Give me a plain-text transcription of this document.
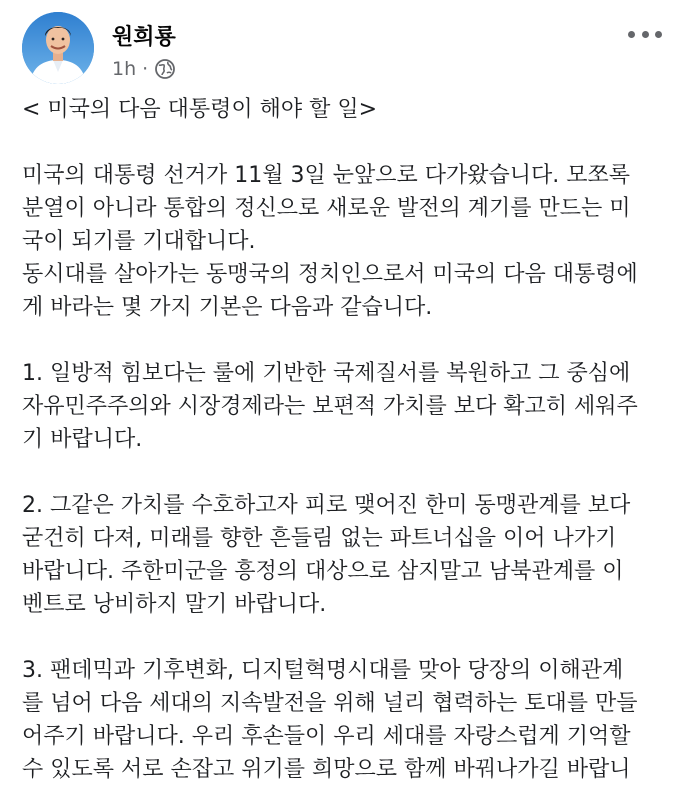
원희룡
1h ·
< 미국의 다음 대통령이 해야 할 일>
미국의 대통령 선거가 11월 3일 눈앞으로 다가왔습니다. 모쪼록
분열이 아니라 통합의 정신으로 새로운 발전의 계기를 만드는 미
국이 되기를 기대합니다.
동시대를 살아가는 동맹국의 정치인으로서 미국의 다음 대통령에
게 바라는 몇 가지 기본은 다음과 같습니다.
1. 일방적 힘보다는 룰에 기반한 국제질서를 복원하고 그 중심에
자유민주주의와 시장경제라는 보편적 가치를 보다 확고히 세워주
기 바랍니다.
2. 그같은 가치를 수호하고자 피로 맺어진 한미 동맹관계를 보다
굳건히 다져, 미래를 향한 흔들림 없는 파트너십을 이어 나가기
바랍니다. 주한미군을 흥정의 대상으로 삼지말고 남북관계를 이
벤트로 낭비하지 말기 바랍니다.
3. 팬데믹과 기후변화, 디지털혁명시대를 맞아 당장의 이해관계
를 넘어 다음 세대의 지속발전을 위해 널리 협력하는 토대를 만들
어주기 바랍니다. 우리 후손들이 우리 세대를 자랑스럽게 기억할
수 있도록 서로 손잡고 위기를 희망으로 함께 바꿔나가길 바랍니
